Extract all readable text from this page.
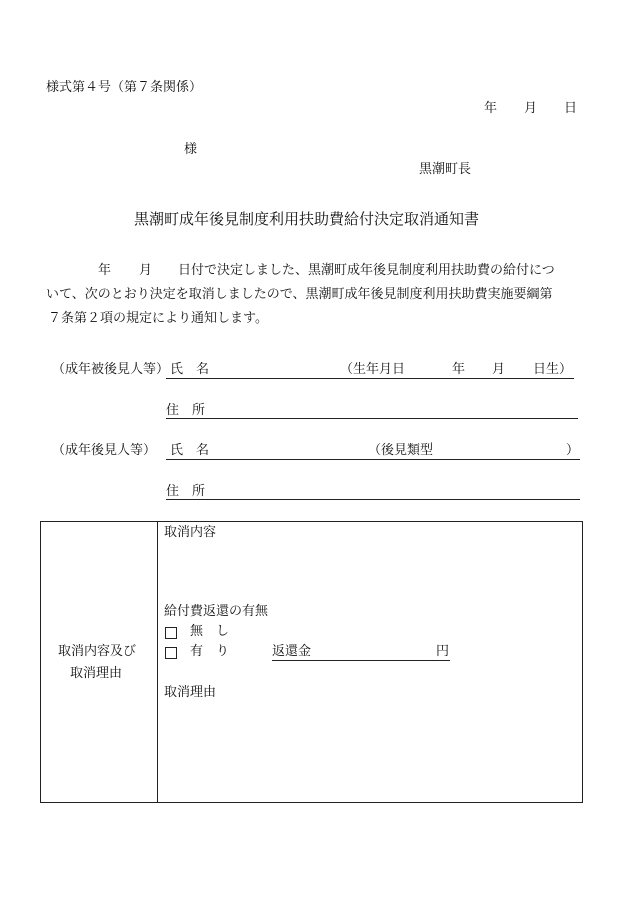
様式第４号（第７条関係）
年 月 日
様
黒潮町長
黒潮町成年後見制度利用扶助費給付決定取消通知書
年 月 日付で決定しました、黒潮町成年後見制度利用扶助費の給付につ
いて、次のとおり決定を取消しましたので、黒潮町成年後見制度利用扶助費実施要綱第
７条第２項の規定により通知します。
（成年被後見人等） 氏　名	（生年月日	年 月 日生）
住　所
（成年後見人等） 氏　名	（後見類型	）
住　所
取消内容及び
取消理由
取消内容
給付費返還の有無
無　し
有　り	返還金	円
取消理由
